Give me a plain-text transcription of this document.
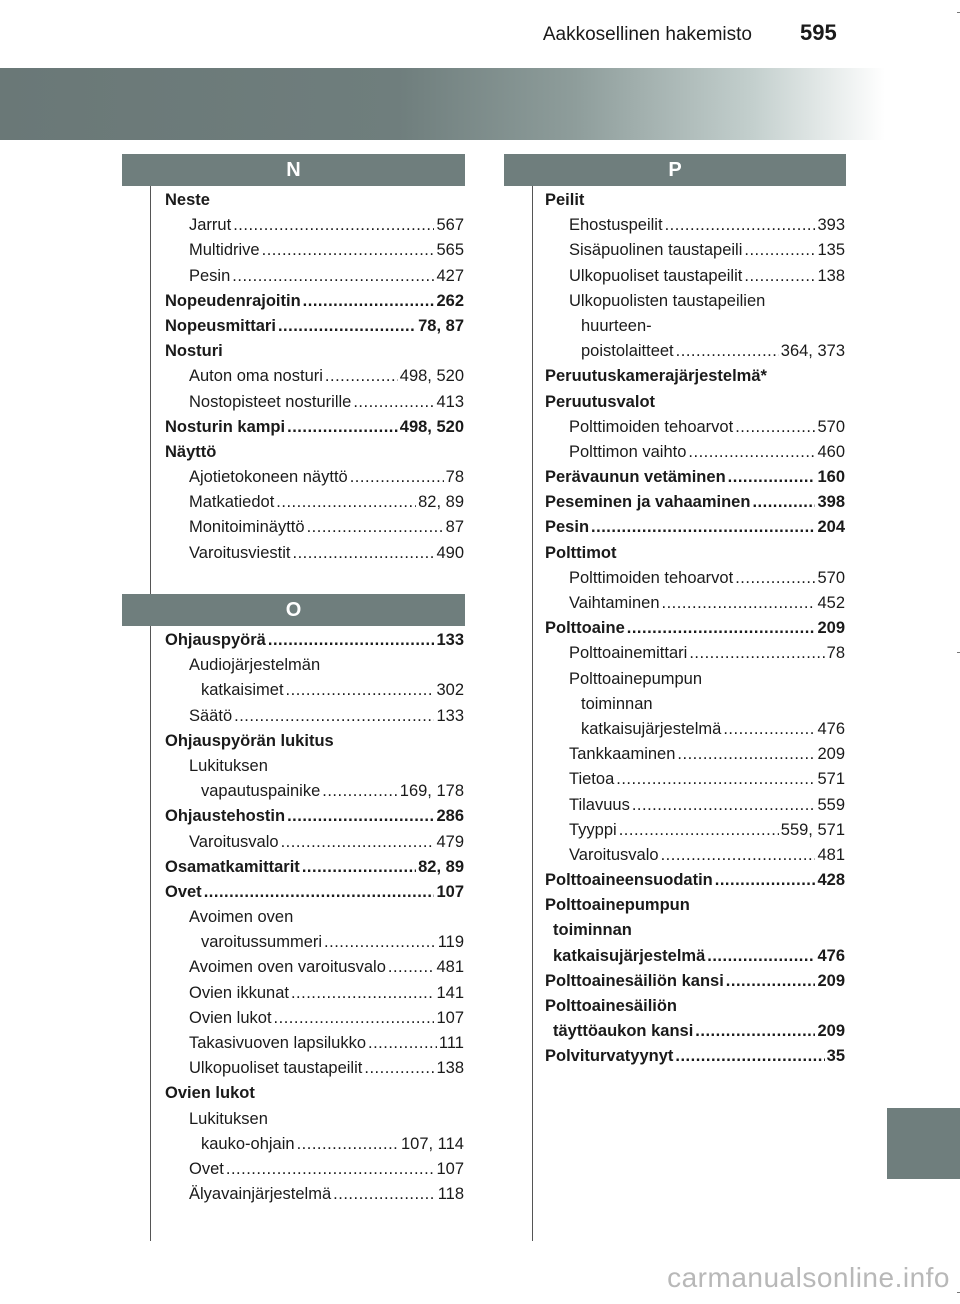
Aakkosellinen hakemisto 595
N
Neste
Jarrut .....	567
Multidrive .....	565
Pesin .....	427
Nopeudenrajoitin .....	262
Nopeusmittari .....	78, 87
Nosturi
Auton oma nosturi .....	498, 520
Nostopisteet nosturille .....	413
Nosturin kampi .....	498, 520
Näyttö
Ajotietokoneen näyttö .....	78
Matkatiedot .....	82, 89
Monitoiminäyttö .....	87
Varoitusviestit .....	490
O
Ohjauspyörä .....	133
Audiojärjestelmän
katkaisimet .....	302
Säätö .....	133
Ohjauspyörän lukitus
Lukituksen
vapautuspainike .....	169, 178
Ohjaustehostin .....	286
Varoitusvalo .....	479
Osamatkamittarit .....	82, 89
Ovet .....	107
Avoimen oven
varoitussummeri .....	119
Avoimen oven varoitusvalo .....	481
Ovien ikkunat .....	141
Ovien lukot .....	107
Takasivuoven lapsilukko .....	111
Ulkopuoliset taustapeilit .....	138
Ovien lukot
Lukituksen
kauko-ohjain .....	107, 114
Ovet .....	107
Älyavainjärjestelmä .....	118
P
Peilit
Ehostuspeilit .....	393
Sisäpuolinen taustapeili .....	135
Ulkopuoliset taustapeilit .....	138
Ulkopuolisten taustapeilien
huurteen-
poistolaitteet .....	364, 373
Peruutuskamerajärjestelmä*
Peruutusvalot
Polttimoiden tehoarvot .....	570
Polttimon vaihto .....	460
Perävaunun vetäminen .....	160
Peseminen ja vahaaminen .....	398
Pesin .....	204
Polttimot
Polttimoiden tehoarvot .....	570
Vaihtaminen .....	452
Polttoaine .....	209
Polttoainemittari .....	78
Polttoainepumpun
toiminnan
katkaisujärjestelmä .....	476
Tankkaaminen .....	209
Tietoa .....	571
Tilavuus .....	559
Tyyppi .....	559, 571
Varoitusvalo .....	481
Polttoaineensuodatin .....	428
Polttoainepumpun
toiminnan
katkaisujärjestelmä .....	476
Polttoainesäiliön kansi .....	209
Polttoainesäiliön
täyttöaukon kansi .....	209
Polviturvatyynyt .....	35
carmanualsonline.info
